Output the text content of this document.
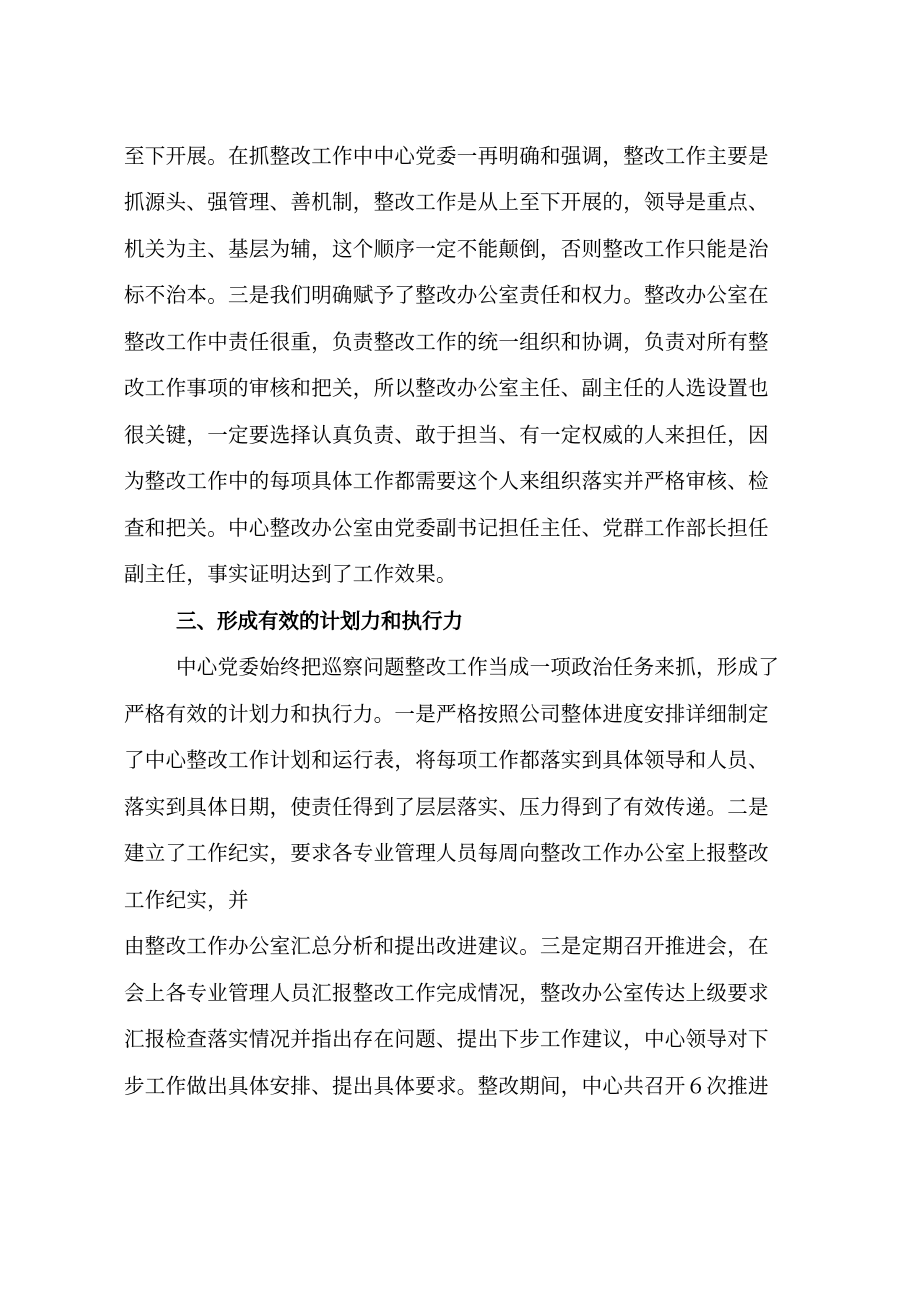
至下开展。在抓整改工作中中心党委一再明确和强调，整改工作主要是
抓源头、强管理、善机制，整改工作是从上至下开展的，领导是重点、
机关为主、基层为辅，这个顺序一定不能颠倒，否则整改工作只能是治
标不治本。三是我们明确赋予了整改办公室责任和权力。整改办公室在
整改工作中责任很重，负责整改工作的统一组织和协调，负责对所有整
改工作事项的审核和把关，所以整改办公室主任、副主任的人选设置也
很关键，一定要选择认真负责、敢于担当、有一定权威的人来担任，因
为整改工作中的每项具体工作都需要这个人来组织落实并严格审核、检
查和把关。中心整改办公室由党委副书记担任主任、党群工作部长担任
副主任，事实证明达到了工作效果。
三、形成有效的计划力和执行力
中心党委始终把巡察问题整改工作当成一项政治任务来抓，形成了
严格有效的计划力和执行力。一是严格按照公司整体进度安排详细制定
了中心整改工作计划和运行表，将每项工作都落实到具体领导和人员、
落实到具体日期，使责任得到了层层落实、压力得到了有效传递。二是
建立了工作纪实，要求各专业管理人员每周向整改工作办公室上报整改
工作纪实，并
由整改工作办公室汇总分析和提出改进建议。三是定期召开推进会，在
会上各专业管理人员汇报整改工作完成情况，整改办公室传达上级要求
汇报检查落实情况并指出存在问题、提出下步工作建议，中心领导对下
步工作做出具体安排、提出具体要求。整改期间，中心共召开６次推进
